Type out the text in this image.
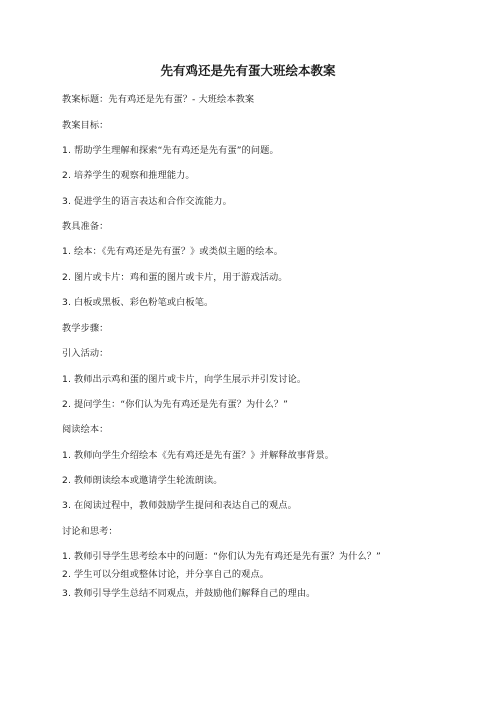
先有鸡还是先有蛋大班绘本教案
教案标题：先有鸡还是先有蛋？- 大班绘本教案
教案目标：
1. 帮助学生理解和探索“先有鸡还是先有蛋”的问题。
2. 培养学生的观察和推理能力。
3. 促进学生的语言表达和合作交流能力。
教具准备：
1. 绘本：《先有鸡还是先有蛋？》或类似主题的绘本。
2. 图片或卡片：鸡和蛋的图片或卡片，用于游戏活动。
3. 白板或黑板、彩色粉笔或白板笔。
教学步骤：
引入活动：
1. 教师出示鸡和蛋的图片或卡片，向学生展示并引发讨论。
2. 提问学生：“你们认为先有鸡还是先有蛋？为什么？”
阅读绘本：
1. 教师向学生介绍绘本《先有鸡还是先有蛋？》并解释故事背景。
2. 教师朗读绘本或邀请学生轮流朗读。
3. 在阅读过程中，教师鼓励学生提问和表达自己的观点。
讨论和思考：
1. 教师引导学生思考绘本中的问题：“你们认为先有鸡还是先有蛋？为什么？”
2. 学生可以分组或整体讨论，并分享自己的观点。
3. 教师引导学生总结不同观点，并鼓励他们解释自己的理由。
